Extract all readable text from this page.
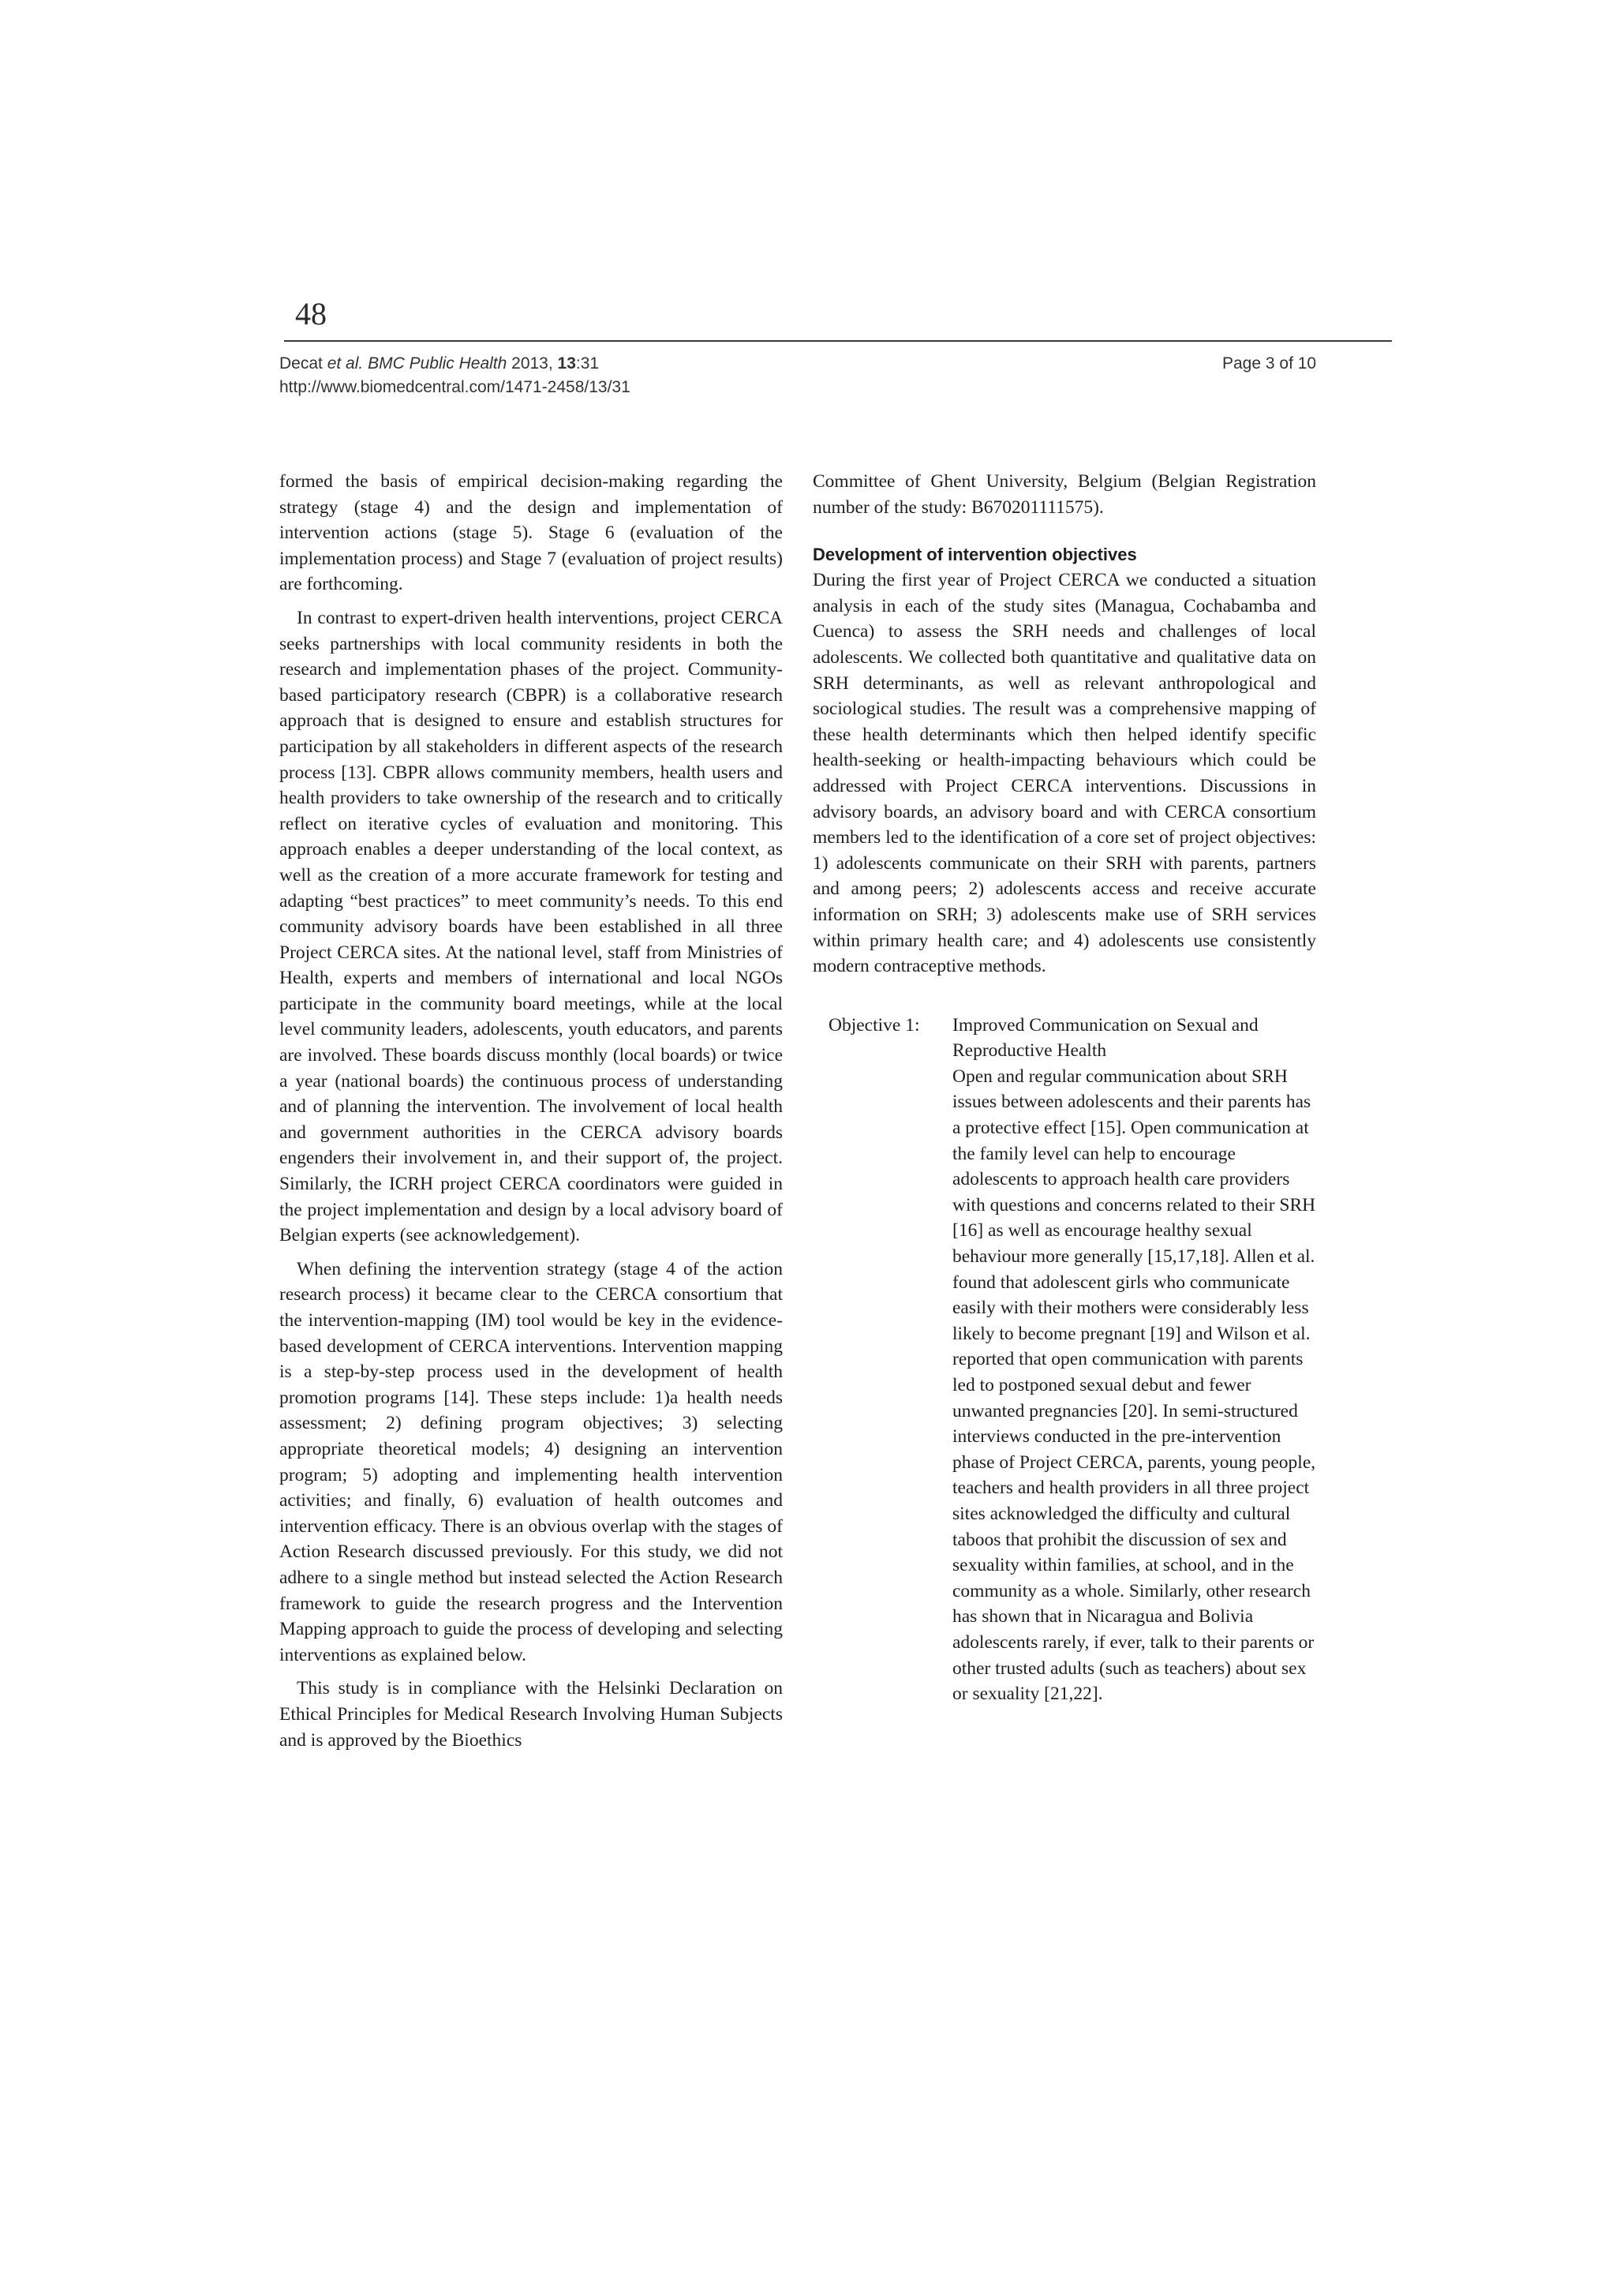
48
Decat et al. BMC Public Health 2013, 13:31
http://www.biomedcentral.com/1471-2458/13/31
Page 3 of 10

formed the basis of empirical decision-making regarding the strategy (stage 4) and the design and implementation of intervention actions (stage 5). Stage 6 (evaluation of the implementation process) and Stage 7 (evaluation of project results) are forthcoming.

In contrast to expert-driven health interventions, project CERCA seeks partnerships with local community residents in both the research and implementation phases of the project. Community-based participatory research (CBPR) is a collaborative research approach that is designed to ensure and establish structures for participation by all stakeholders in different aspects of the research process [13]. CBPR allows community members, health users and health providers to take ownership of the research and to critically reflect on iterative cycles of evaluation and monitoring. This approach enables a deeper understanding of the local context, as well as the creation of a more accurate framework for testing and adapting “best practices” to meet community’s needs. To this end community advisory boards have been established in all three Project CERCA sites. At the national level, staff from Ministries of Health, experts and members of international and local NGOs participate in the community board meetings, while at the local level community leaders, adolescents, youth educators, and parents are involved. These boards discuss monthly (local boards) or twice a year (national boards) the continuous process of understanding and of planning the intervention. The involvement of local health and government authorities in the CERCA advisory boards engenders their involvement in, and their support of, the project. Similarly, the ICRH project CERCA coordinators were guided in the project implementation and design by a local advisory board of Belgian experts (see acknowledgement).

When defining the intervention strategy (stage 4 of the action research process) it became clear to the CERCA consortium that the intervention-mapping (IM) tool would be key in the evidence-based development of CERCA interventions. Intervention mapping is a step-by-step process used in the development of health promotion programs [14]. These steps include: 1)a health needs assessment; 2) defining program objectives; 3) selecting appropriate theoretical models; 4) designing an intervention program; 5) adopting and implementing health intervention activities; and finally, 6) evaluation of health outcomes and intervention efficacy. There is an obvious overlap with the stages of Action Research discussed previously. For this study, we did not adhere to a single method but instead selected the Action Research framework to guide the research progress and the Intervention Mapping approach to guide the process of developing and selecting interventions as explained below.

This study is in compliance with the Helsinki Declaration on Ethical Principles for Medical Research Involving Human Subjects and is approved by the Bioethics

Committee of Ghent University, Belgium (Belgian Registration number of the study: B670201111575).

Development of intervention objectives

During the first year of Project CERCA we conducted a situation analysis in each of the study sites (Managua, Cochabamba and Cuenca) to assess the SRH needs and challenges of local adolescents. We collected both quantitative and qualitative data on SRH determinants, as well as relevant anthropological and sociological studies. The result was a comprehensive mapping of these health determinants which then helped identify specific health-seeking or health-impacting behaviours which could be addressed with Project CERCA interventions. Discussions in advisory boards, an advisory board and with CERCA consortium members led to the identification of a core set of project objectives: 1) adolescents communicate on their SRH with parents, partners and among peers; 2) adolescents access and receive accurate information on SRH; 3) adolescents make use of SRH services within primary health care; and 4) adolescents use consistently modern contraceptive methods.

Objective 1:	Improved Communication on Sexual and Reproductive Health

Open and regular communication about SRH issues between adolescents and their parents has a protective effect [15]. Open communication at the family level can help to encourage adolescents to approach health care providers with questions and concerns related to their SRH [16] as well as encourage healthy sexual behaviour more generally [15,17,18]. Allen et al. found that adolescent girls who communicate easily with their mothers were considerably less likely to become pregnant [19] and Wilson et al. reported that open communication with parents led to postponed sexual debut and fewer unwanted pregnancies [20]. In semi-structured interviews conducted in the pre-intervention phase of Project CERCA, parents, young people, teachers and health providers in all three project sites acknowledged the difficulty and cultural taboos that prohibit the discussion of sex and sexuality within families, at school, and in the community as a whole. Similarly, other research has shown that in Nicaragua and Bolivia adolescents rarely, if ever, talk to their parents or other trusted adults (such as teachers) about sex or sexuality [21,22].
